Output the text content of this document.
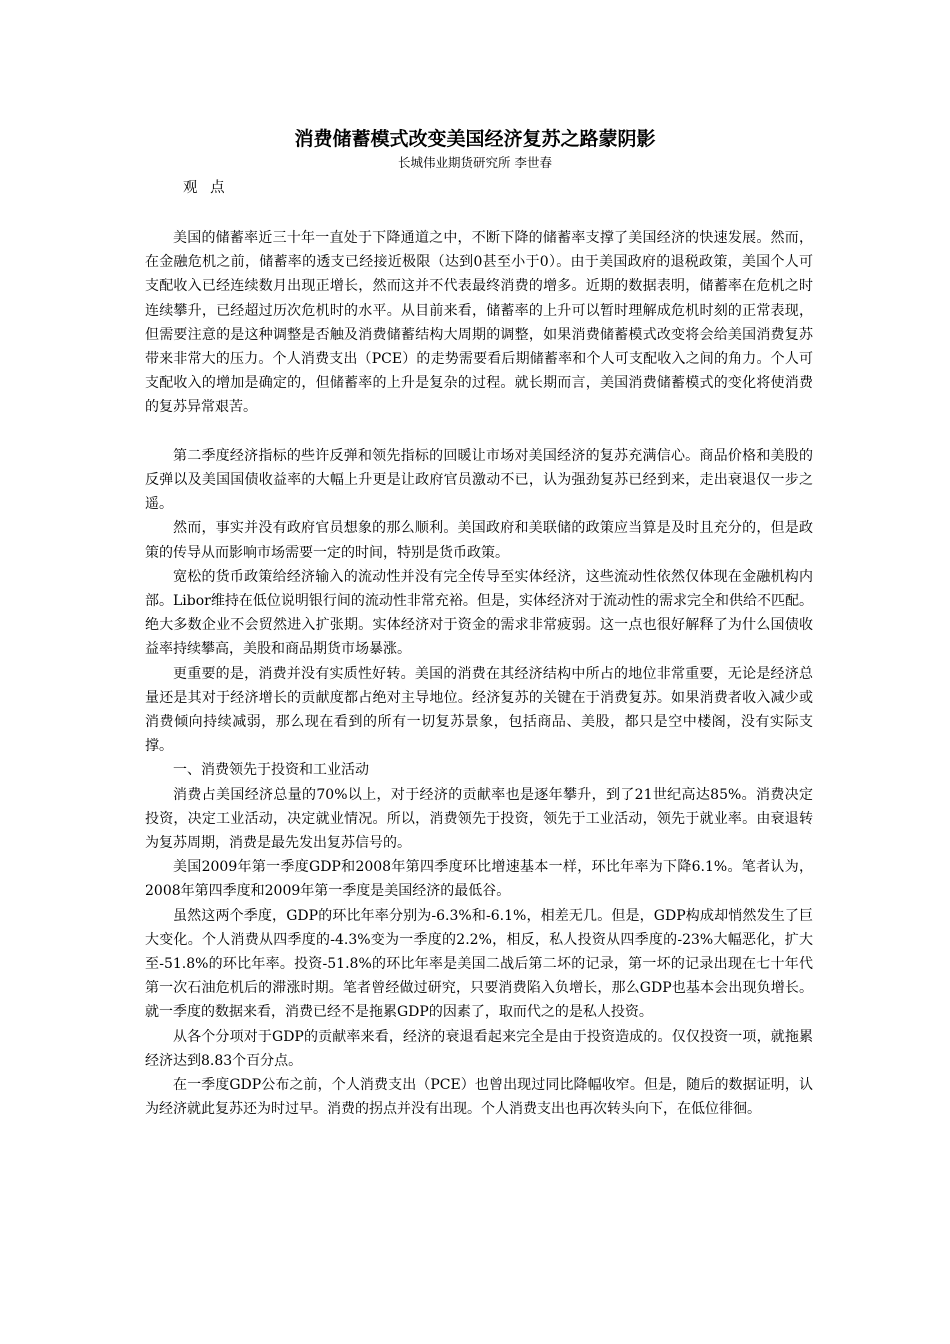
消费储蓄模式改变美国经济复苏之路蒙阴影
长城伟业期货研究所 李世春
观 点

美国的储蓄率近三十年一直处于下降通道之中，不断下降的储蓄率支撑了美国经济的快速发展。然而，在金融危机之前，储蓄率的透支已经接近极限（达到0甚至小于0）。由于美国政府的退税政策，美国个人可支配收入已经连续数月出现正增长，然而这并不代表最终消费的增多。近期的数据表明，储蓄率在危机之时连续攀升，已经超过历次危机时的水平。从目前来看，储蓄率的上升可以暂时理解成危机时刻的正常表现，但需要注意的是这种调整是否触及消费储蓄结构大周期的调整，如果消费储蓄模式改变将会给美国消费复苏带来非常大的压力。个人消费支出（PCE）的走势需要看后期储蓄率和个人可支配收入之间的角力。个人可支配收入的增加是确定的，但储蓄率的上升是复杂的过程。就长期而言，美国消费储蓄模式的变化将使消费的复苏异常艰苦。

第二季度经济指标的些许反弹和领先指标的回暖让市场对美国经济的复苏充满信心。商品价格和美股的反弹以及美国国债收益率的大幅上升更是让政府官员激动不已，认为强劲复苏已经到来，走出衰退仅一步之遥。

然而，事实并没有政府官员想象的那么顺利。美国政府和美联储的政策应当算是及时且充分的，但是政策的传导从而影响市场需要一定的时间，特别是货币政策。

宽松的货币政策给经济输入的流动性并没有完全传导至实体经济，这些流动性依然仅体现在金融机构内部。Libor维持在低位说明银行间的流动性非常充裕。但是，实体经济对于流动性的需求完全和供给不匹配。绝大多数企业不会贸然进入扩张期。实体经济对于资金的需求非常疲弱。这一点也很好解释了为什么国债收益率持续攀高，美股和商品期货市场暴涨。

更重要的是，消费并没有实质性好转。美国的消费在其经济结构中所占的地位非常重要，无论是经济总量还是其对于经济增长的贡献度都占绝对主导地位。经济复苏的关键在于消费复苏。如果消费者收入减少或消费倾向持续减弱，那么现在看到的所有一切复苏景象，包括商品、美股，都只是空中楼阁，没有实际支撑。

一、消费领先于投资和工业活动

消费占美国经济总量的70%以上，对于经济的贡献率也是逐年攀升，到了21世纪高达85%。消费决定投资，决定工业活动，决定就业情况。所以，消费领先于投资，领先于工业活动，领先于就业率。由衰退转为复苏周期，消费是最先发出复苏信号的。

美国2009年第一季度GDP和2008年第四季度环比增速基本一样，环比年率为下降6.1%。笔者认为，2008年第四季度和2009年第一季度是美国经济的最低谷。

虽然这两个季度，GDP的环比年率分别为-6.3%和-6.1%，相差无几。但是，GDP构成却悄然发生了巨大变化。个人消费从四季度的-4.3%变为一季度的2.2%，相反，私人投资从四季度的-23%大幅恶化，扩大至-51.8%的环比年率。投资-51.8%的环比年率是美国二战后第二坏的记录，第一坏的记录出现在七十年代第一次石油危机后的滞涨时期。笔者曾经做过研究，只要消费陷入负增长，那么GDP也基本会出现负增长。就一季度的数据来看，消费已经不是拖累GDP的因素了，取而代之的是私人投资。

从各个分项对于GDP的贡献率来看，经济的衰退看起来完全是由于投资造成的。仅仅投资一项，就拖累经济达到8.83个百分点。

在一季度GDP公布之前，个人消费支出（PCE）也曾出现过同比降幅收窄。但是，随后的数据证明，认为经济就此复苏还为时过早。消费的拐点并没有出现。个人消费支出也再次转头向下，在低位徘徊。
